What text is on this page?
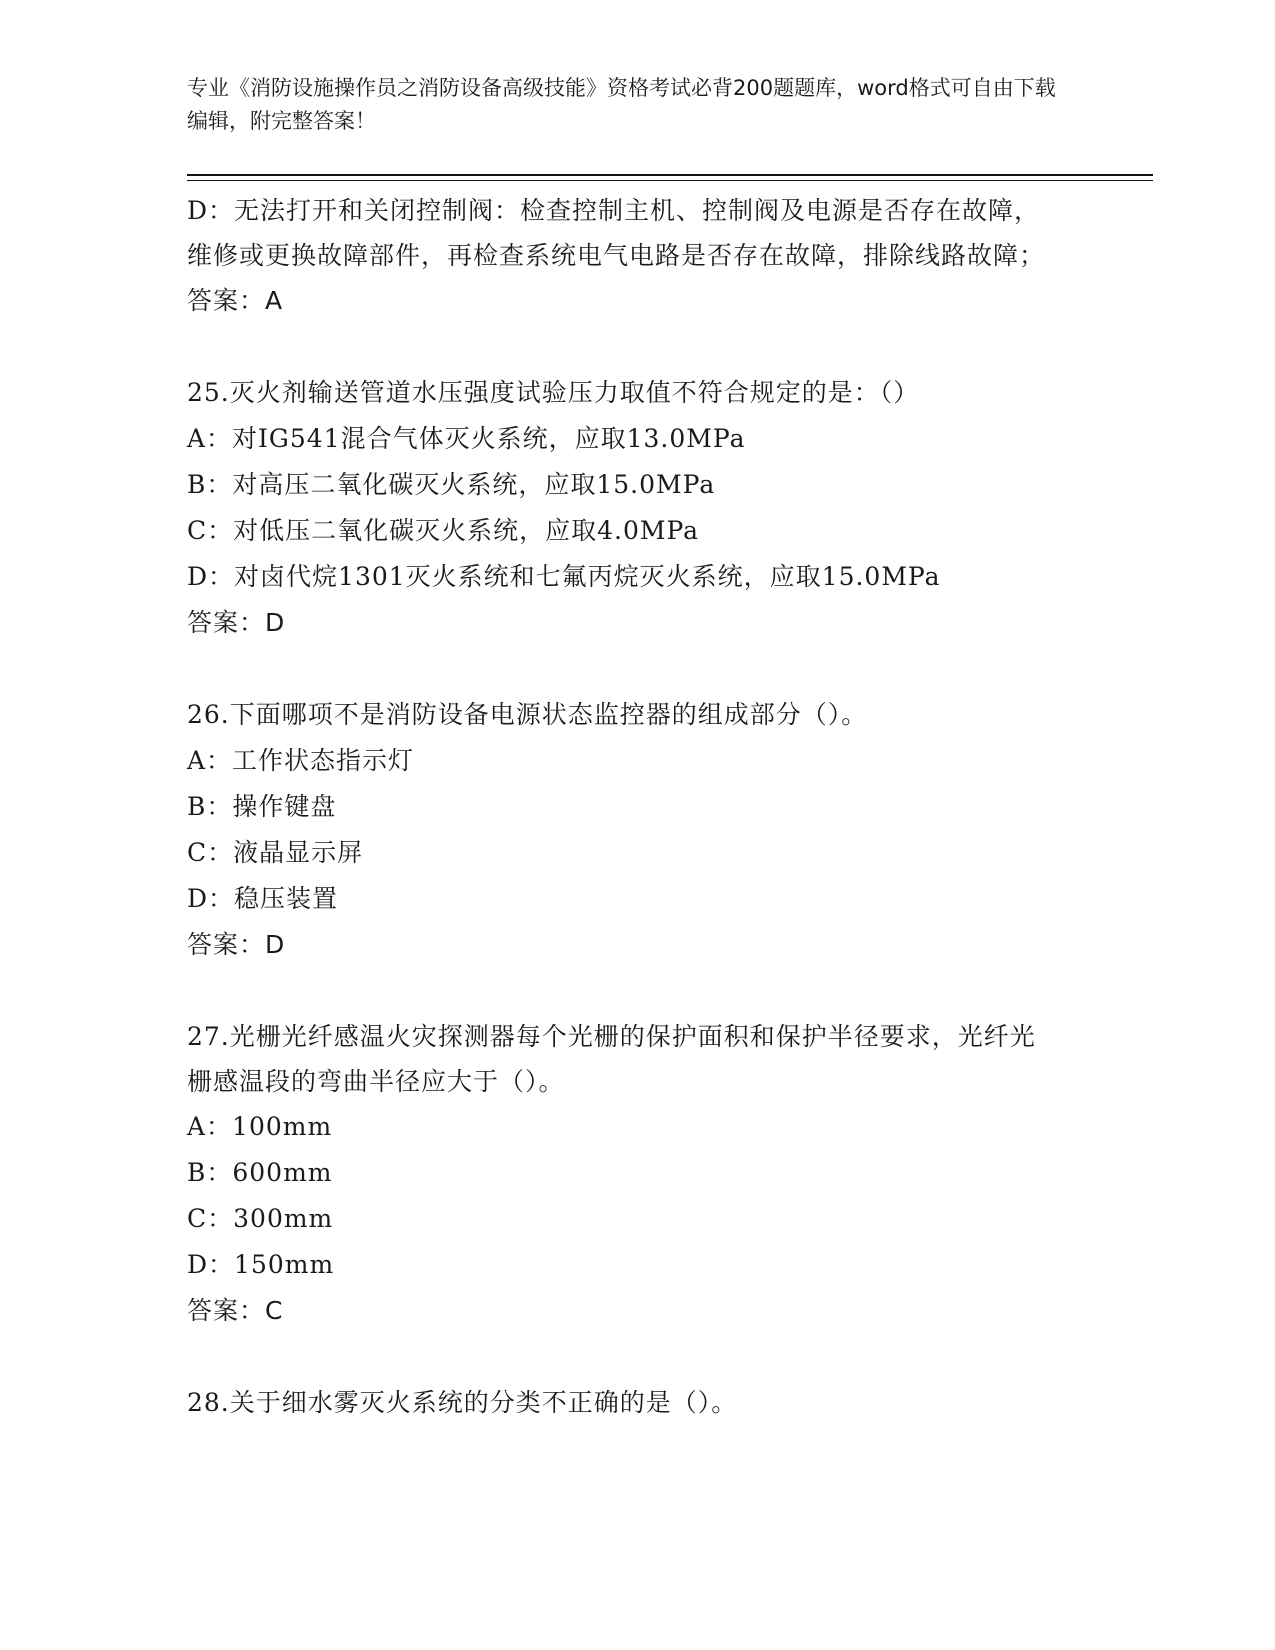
专业《消防设施操作员之消防设备高级技能》资格考试必背200题题库，word格式可自由下载编辑，附完整答案！
D：无法打开和关闭控制阀：检查控制主机、控制阀及电源是否存在故障，维修或更换故障部件，再检查系统电气电路是否存在故障，排除线路故障；
答案：A
25.灭火剂输送管道水压强度试验压力取值不符合规定的是：（）
A：对IG541混合气体灭火系统，应取13.0MPa
B：对高压二氧化碳灭火系统，应取15.0MPa
C：对低压二氧化碳灭火系统，应取4.0MPa
D：对卤代烷1301灭火系统和七氟丙烷灭火系统，应取15.0MPa
答案：D
26.下面哪项不是消防设备电源状态监控器的组成部分（）。
A：工作状态指示灯
B：操作键盘
C：液晶显示屏
D：稳压装置
答案：D
27.光栅光纤感温火灾探测器每个光栅的保护面积和保护半径要求，光纤光栅感温段的弯曲半径应大于（）。
A：100mm
B：600mm
C：300mm
D：150mm
答案：C
28.关于细水雾灭火系统的分类不正确的是（）。
